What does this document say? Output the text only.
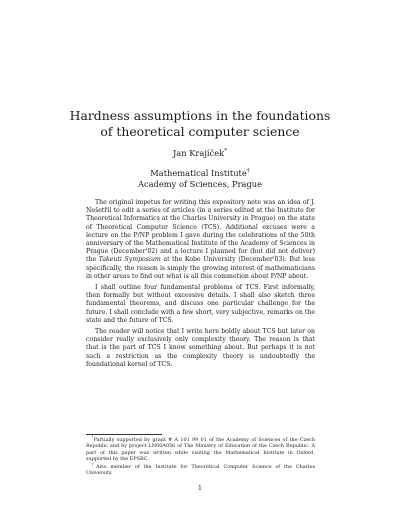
Hardness assumptions in the foundations
of theoretical computer science
Jan Krajíček*
Mathematical Institute†
Academy of Sciences, Prague

The original impetus for writing this expository note was an idea of J. Nešetřil to edit a series of articles (in a series edited at the Institute for Theoretical Informatics at the Charles University in Prague) on the state of Theoretical Computer Science (TCS). Additional excuses were a lecture on the P/NP problem I gave during the celebrations of the 50th anniversary of the Mathematical Institute of the Academy of Sciences in Prague (December'02) and a lecture I planned for (but did not deliver) the Takeuti Symposium at the Kobe University (December'03). But less specifically, the reason is simply the growing interest of mathematicians in other areas to find out what is all this commotion about P/NP about.

I shall outline four fundamental problems of TCS. First informally, then formally but without excessive details. I shall also sketch three fundamental theorems, and discuss one particular challenge for the future. I shall conclude with a few short, very subjective, remarks on the state and the future of TCS.

The reader will notice that I write here boldly about TCS but later on consider really exclusively only complexity theory. The reason is that that is the part of TCS I know something about. But perhaps it is not such a restriction as the complexity theory is undoubtedly the foundational kernel of TCS.

*Partially supported by grant # A 101 99 01 of the Academy of Sciences of the Czech Republic and by project LN00A056 of The Ministry of Education of the Czech Republic. A part of this paper was written while visiting the Mathematical Institute in Oxford, supported by the EPSRC.

†Also member of the Institute for Theoretical Computer Science of the Charles University.

1
